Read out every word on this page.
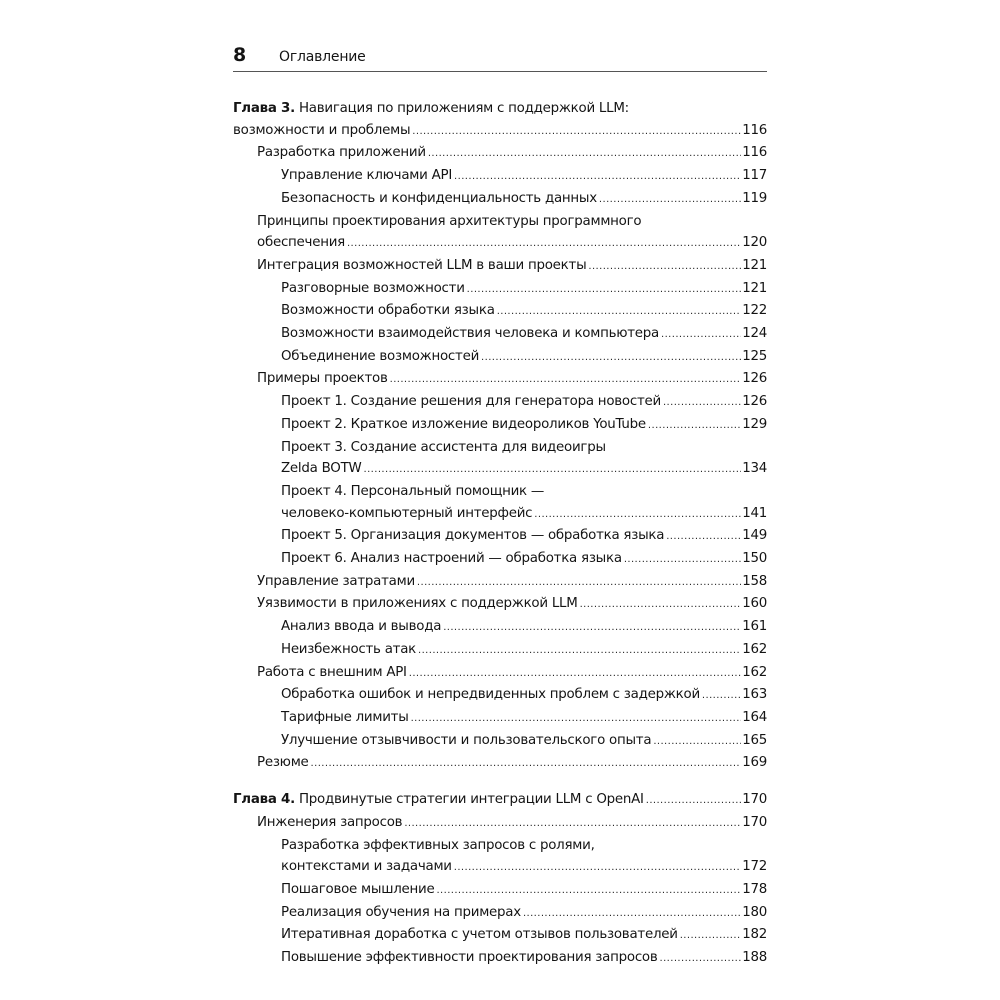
8	Оглавление
Глава 3. Навигация по приложениям с поддержкой LLM:
возможности и проблемы .....	116
Разработка приложений .....	116
Управление ключами API .....	117
Безопасность и конфиденциальность данных .....	119
Принципы проектирования архитектуры программного
обеспечения .....	120
Интеграция возможностей LLM в ваши проекты .....	121
Разговорные возможности .....	121
Возможности обработки языка .....	122
Возможности взаимодействия человека и компьютера .....	124
Объединение возможностей .....	125
Примеры проектов .....	126
Проект 1. Создание решения для генератора новостей .....	126
Проект 2. Краткое изложение видеороликов YouTube .....	129
Проект 3. Создание ассистента для видеоигры
Zelda BOTW .....	134
Проект 4. Персональный помощник —
человеко-компьютерный интерфейс .....	141
Проект 5. Организация документов — обработка языка .....	149
Проект 6. Анализ настроений — обработка языка .....	150
Управление затратами .....	158
Уязвимости в приложениях с поддержкой LLM .....	160
Анализ ввода и вывода .....	161
Неизбежность атак .....	162
Работа с внешним API .....	162
Обработка ошибок и непредвиденных проблем с задержкой .....	163
Тарифные лимиты .....	164
Улучшение отзывчивости и пользовательского опыта .....	165
Резюме .....	169
Глава 4. Продвинутые стратегии интеграции LLM с OpenAI .....	170
Инженерия запросов .....	170
Разработка эффективных запросов с ролями,
контекстами и задачами .....	172
Пошаговое мышление .....	178
Реализация обучения на примерах .....	180
Итеративная доработка с учетом отзывов пользователей .....	182
Повышение эффективности проектирования запросов .....	188
